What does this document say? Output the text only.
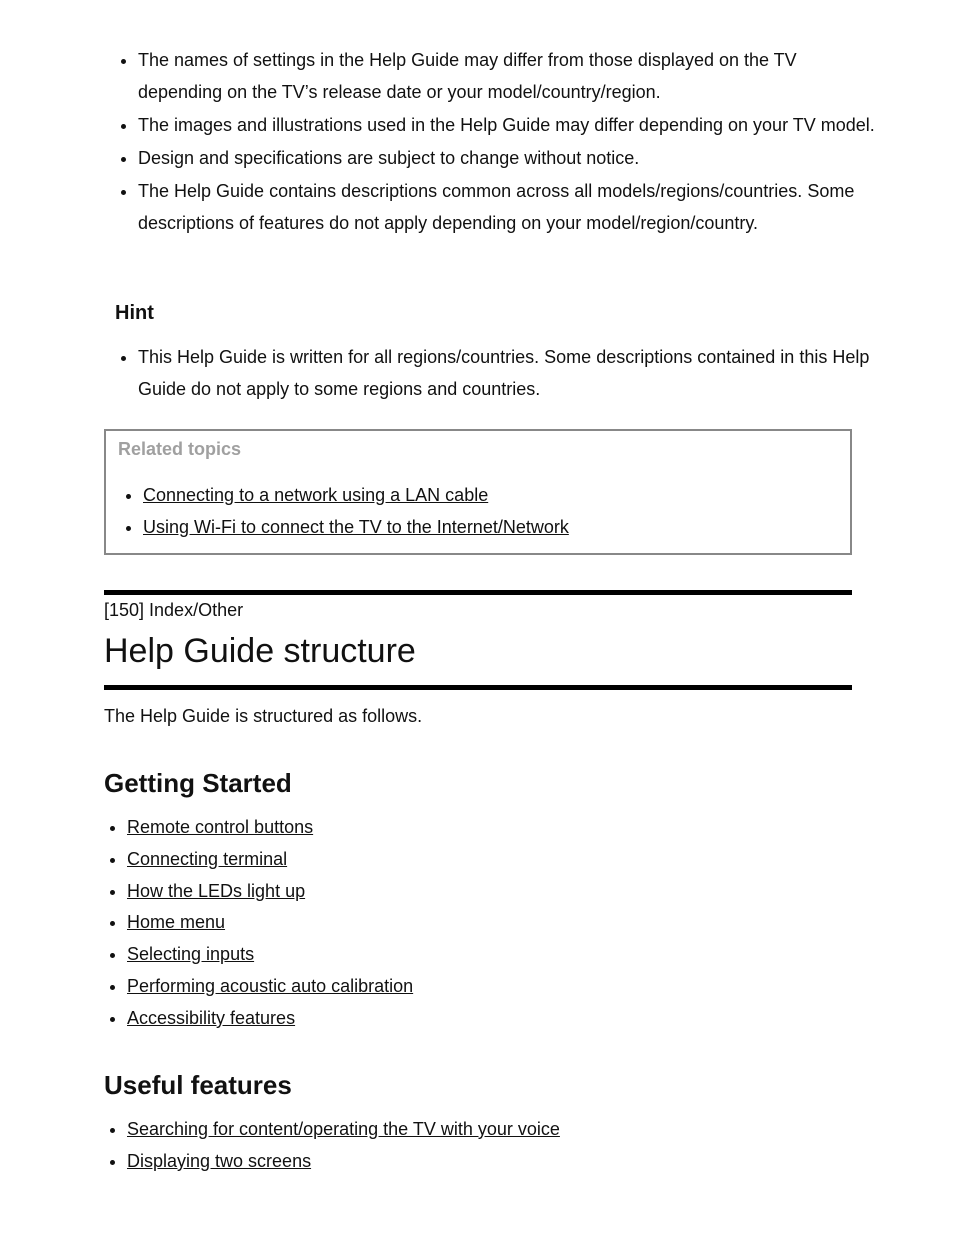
• The names of settings in the Help Guide may differ from those displayed on the TV depending on the TV’s release date or your model/country/region.
• The images and illustrations used in the Help Guide may differ depending on your TV model.
• Design and specifications are subject to change without notice.
• The Help Guide contains descriptions common across all models/regions/countries. Some descriptions of features do not apply depending on your model/region/country.
Hint
• This Help Guide is written for all regions/countries. Some descriptions contained in this Help Guide do not apply to some regions and countries.
Related topics
• Connecting to a network using a LAN cable
• Using Wi-Fi to connect the TV to the Internet/Network
[150] Index/Other
Help Guide structure

The Help Guide is structured as follows.

Getting Started
• Remote control buttons
• Connecting terminal
• How the LEDs light up
• Home menu
• Selecting inputs
• Performing acoustic auto calibration
• Accessibility features
Useful features
• Searching for content/operating the TV with your voice
• Displaying two screens
